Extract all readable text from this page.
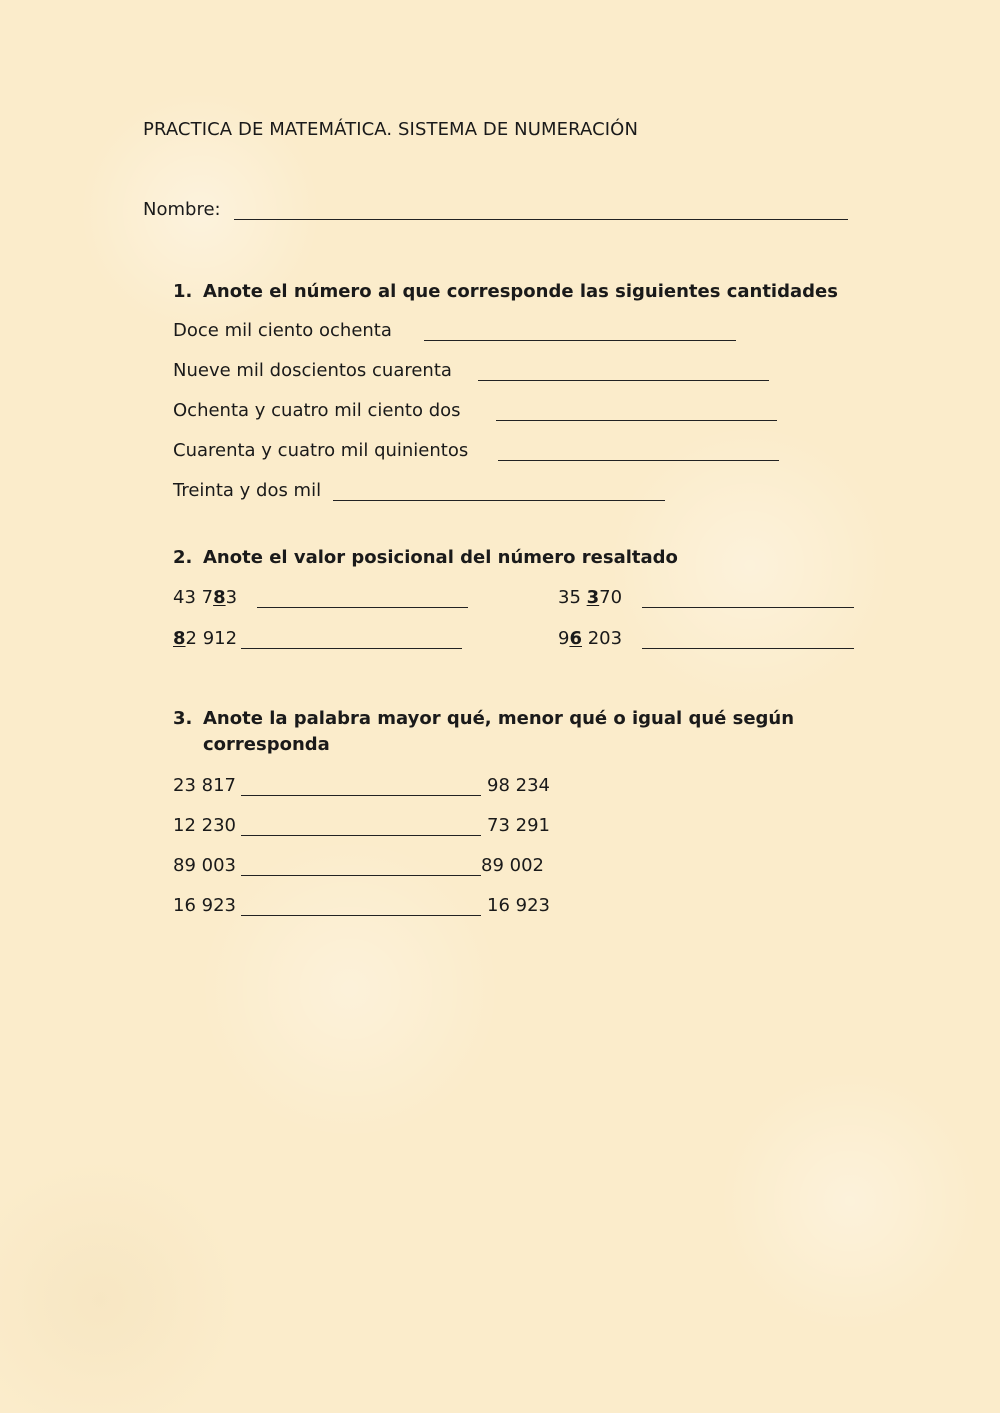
PRACTICA DE MATEMÁTICA. SISTEMA DE NUMERACIÓN
Nombre:
1. Anote el número al que corresponde las siguientes cantidades
Doce mil ciento ochenta
Nueve mil doscientos cuarenta
Ochenta y cuatro mil ciento dos
Cuarenta y cuatro mil quinientos
Treinta y dos mil
2. Anote el valor posicional del número resaltado
43 783	35 370
82 912	96 203
3. Anote la palabra mayor qué, menor qué o igual qué según
corresponda
23 817	98 234
12 230	73 291
89 003	89 002
16 923	16 923
